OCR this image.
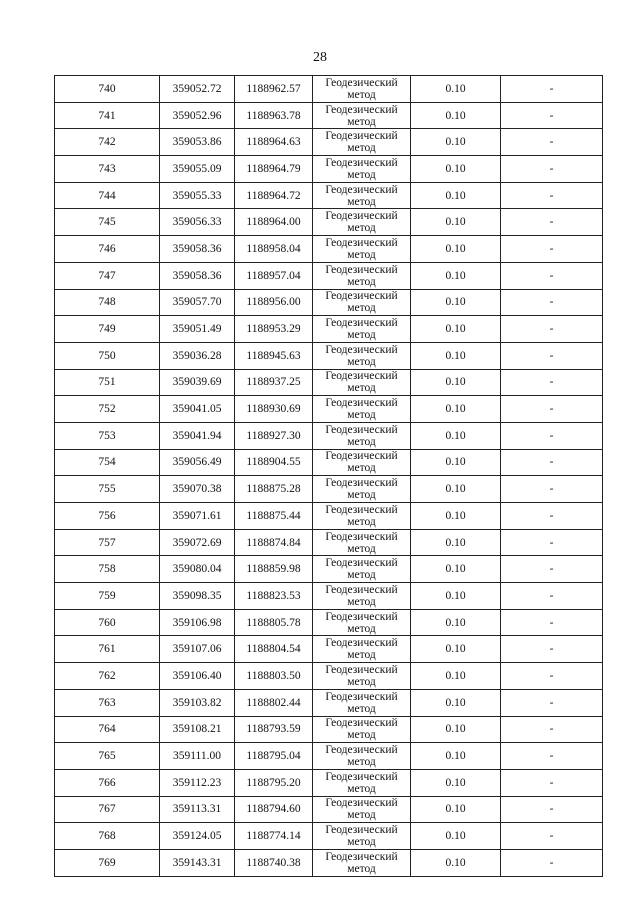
28
740	359052.72	1188962.57	Геодезический метод	0.10	-
741	359052.96	1188963.78	Геодезический метод	0.10	-
742	359053.86	1188964.63	Геодезический метод	0.10	-
743	359055.09	1188964.79	Геодезический метод	0.10	-
744	359055.33	1188964.72	Геодезический метод	0.10	-
745	359056.33	1188964.00	Геодезический метод	0.10	-
746	359058.36	1188958.04	Геодезический метод	0.10	-
747	359058.36	1188957.04	Геодезический метод	0.10	-
748	359057.70	1188956.00	Геодезический метод	0.10	-
749	359051.49	1188953.29	Геодезический метод	0.10	-
750	359036.28	1188945.63	Геодезический метод	0.10	-
751	359039.69	1188937.25	Геодезический метод	0.10	-
752	359041.05	1188930.69	Геодезический метод	0.10	-
753	359041.94	1188927.30	Геодезический метод	0.10	-
754	359056.49	1188904.55	Геодезический метод	0.10	-
755	359070.38	1188875.28	Геодезический метод	0.10	-
756	359071.61	1188875.44	Геодезический метод	0.10	-
757	359072.69	1188874.84	Геодезический метод	0.10	-
758	359080.04	1188859.98	Геодезический метод	0.10	-
759	359098.35	1188823.53	Геодезический метод	0.10	-
760	359106.98	1188805.78	Геодезический метод	0.10	-
761	359107.06	1188804.54	Геодезический метод	0.10	-
762	359106.40	1188803.50	Геодезический метод	0.10	-
763	359103.82	1188802.44	Геодезический метод	0.10	-
764	359108.21	1188793.59	Геодезический метод	0.10	-
765	359111.00	1188795.04	Геодезический метод	0.10	-
766	359112.23	1188795.20	Геодезический метод	0.10	-
767	359113.31	1188794.60	Геодезический метод	0.10	-
768	359124.05	1188774.14	Геодезический метод	0.10	-
769	359143.31	1188740.38	Геодезический метод	0.10	-
